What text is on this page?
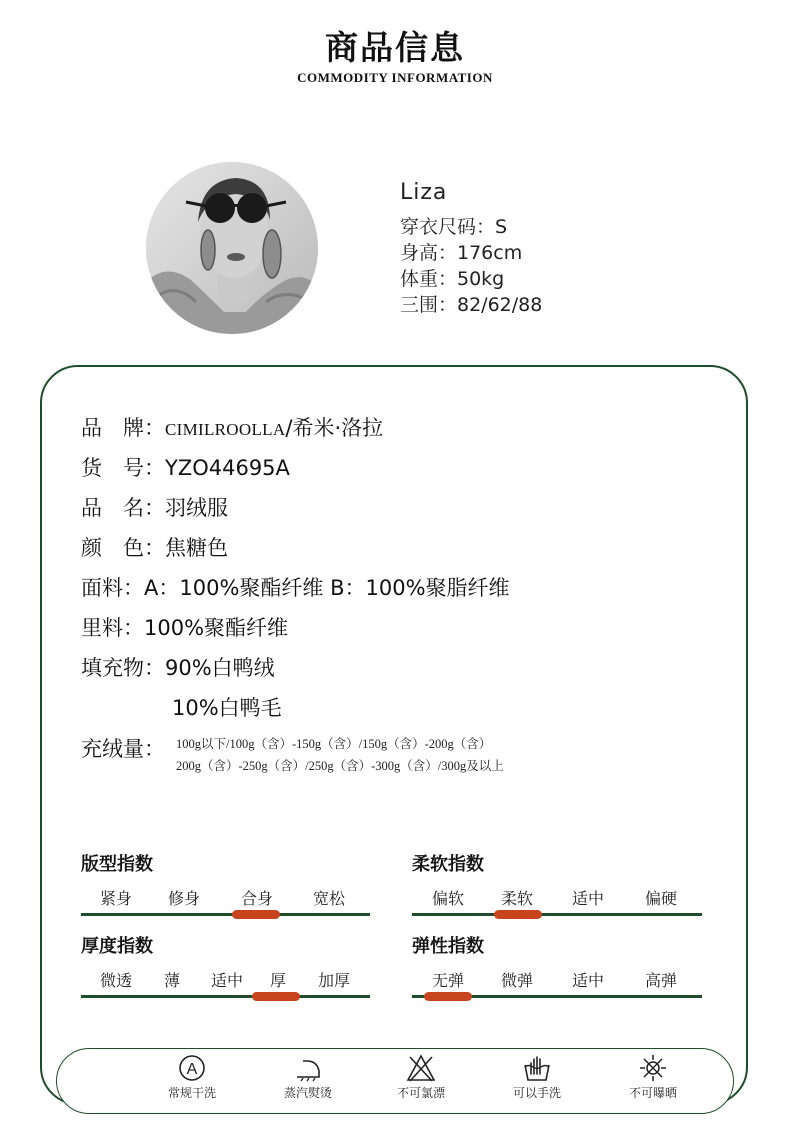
商品信息
COMMODITY INFORMATION
Liza
穿衣尺码：S
身高：176cm
体重：50kg
三围：82/62/88
品　牌：CIMILROOLLA/希米·洛拉
货　号：YZO44695A
品　名：羽绒服
颜　色：焦糖色
面料：A：100%聚酯纤维 B：100%聚脂纤维
里料：100%聚酯纤维
填充物：90%白鸭绒
10%白鸭毛
充绒量： 100g以下/100g（含）-150g（含）/150g（含）-200g（含）
200g（含）-250g（含）/250g（含）-300g（含）/300g及以上
版型指数
紧身 修身	合身 宽松
柔软指数
偏软 柔软 适中	偏硬
厚度指数
微透 薄 适中 厚 加厚
弹性指数
无弹 微弹 适中	高弹
A
常规干洗	蒸汽熨烫	不可氯漂	可以手洗	不可曝晒
